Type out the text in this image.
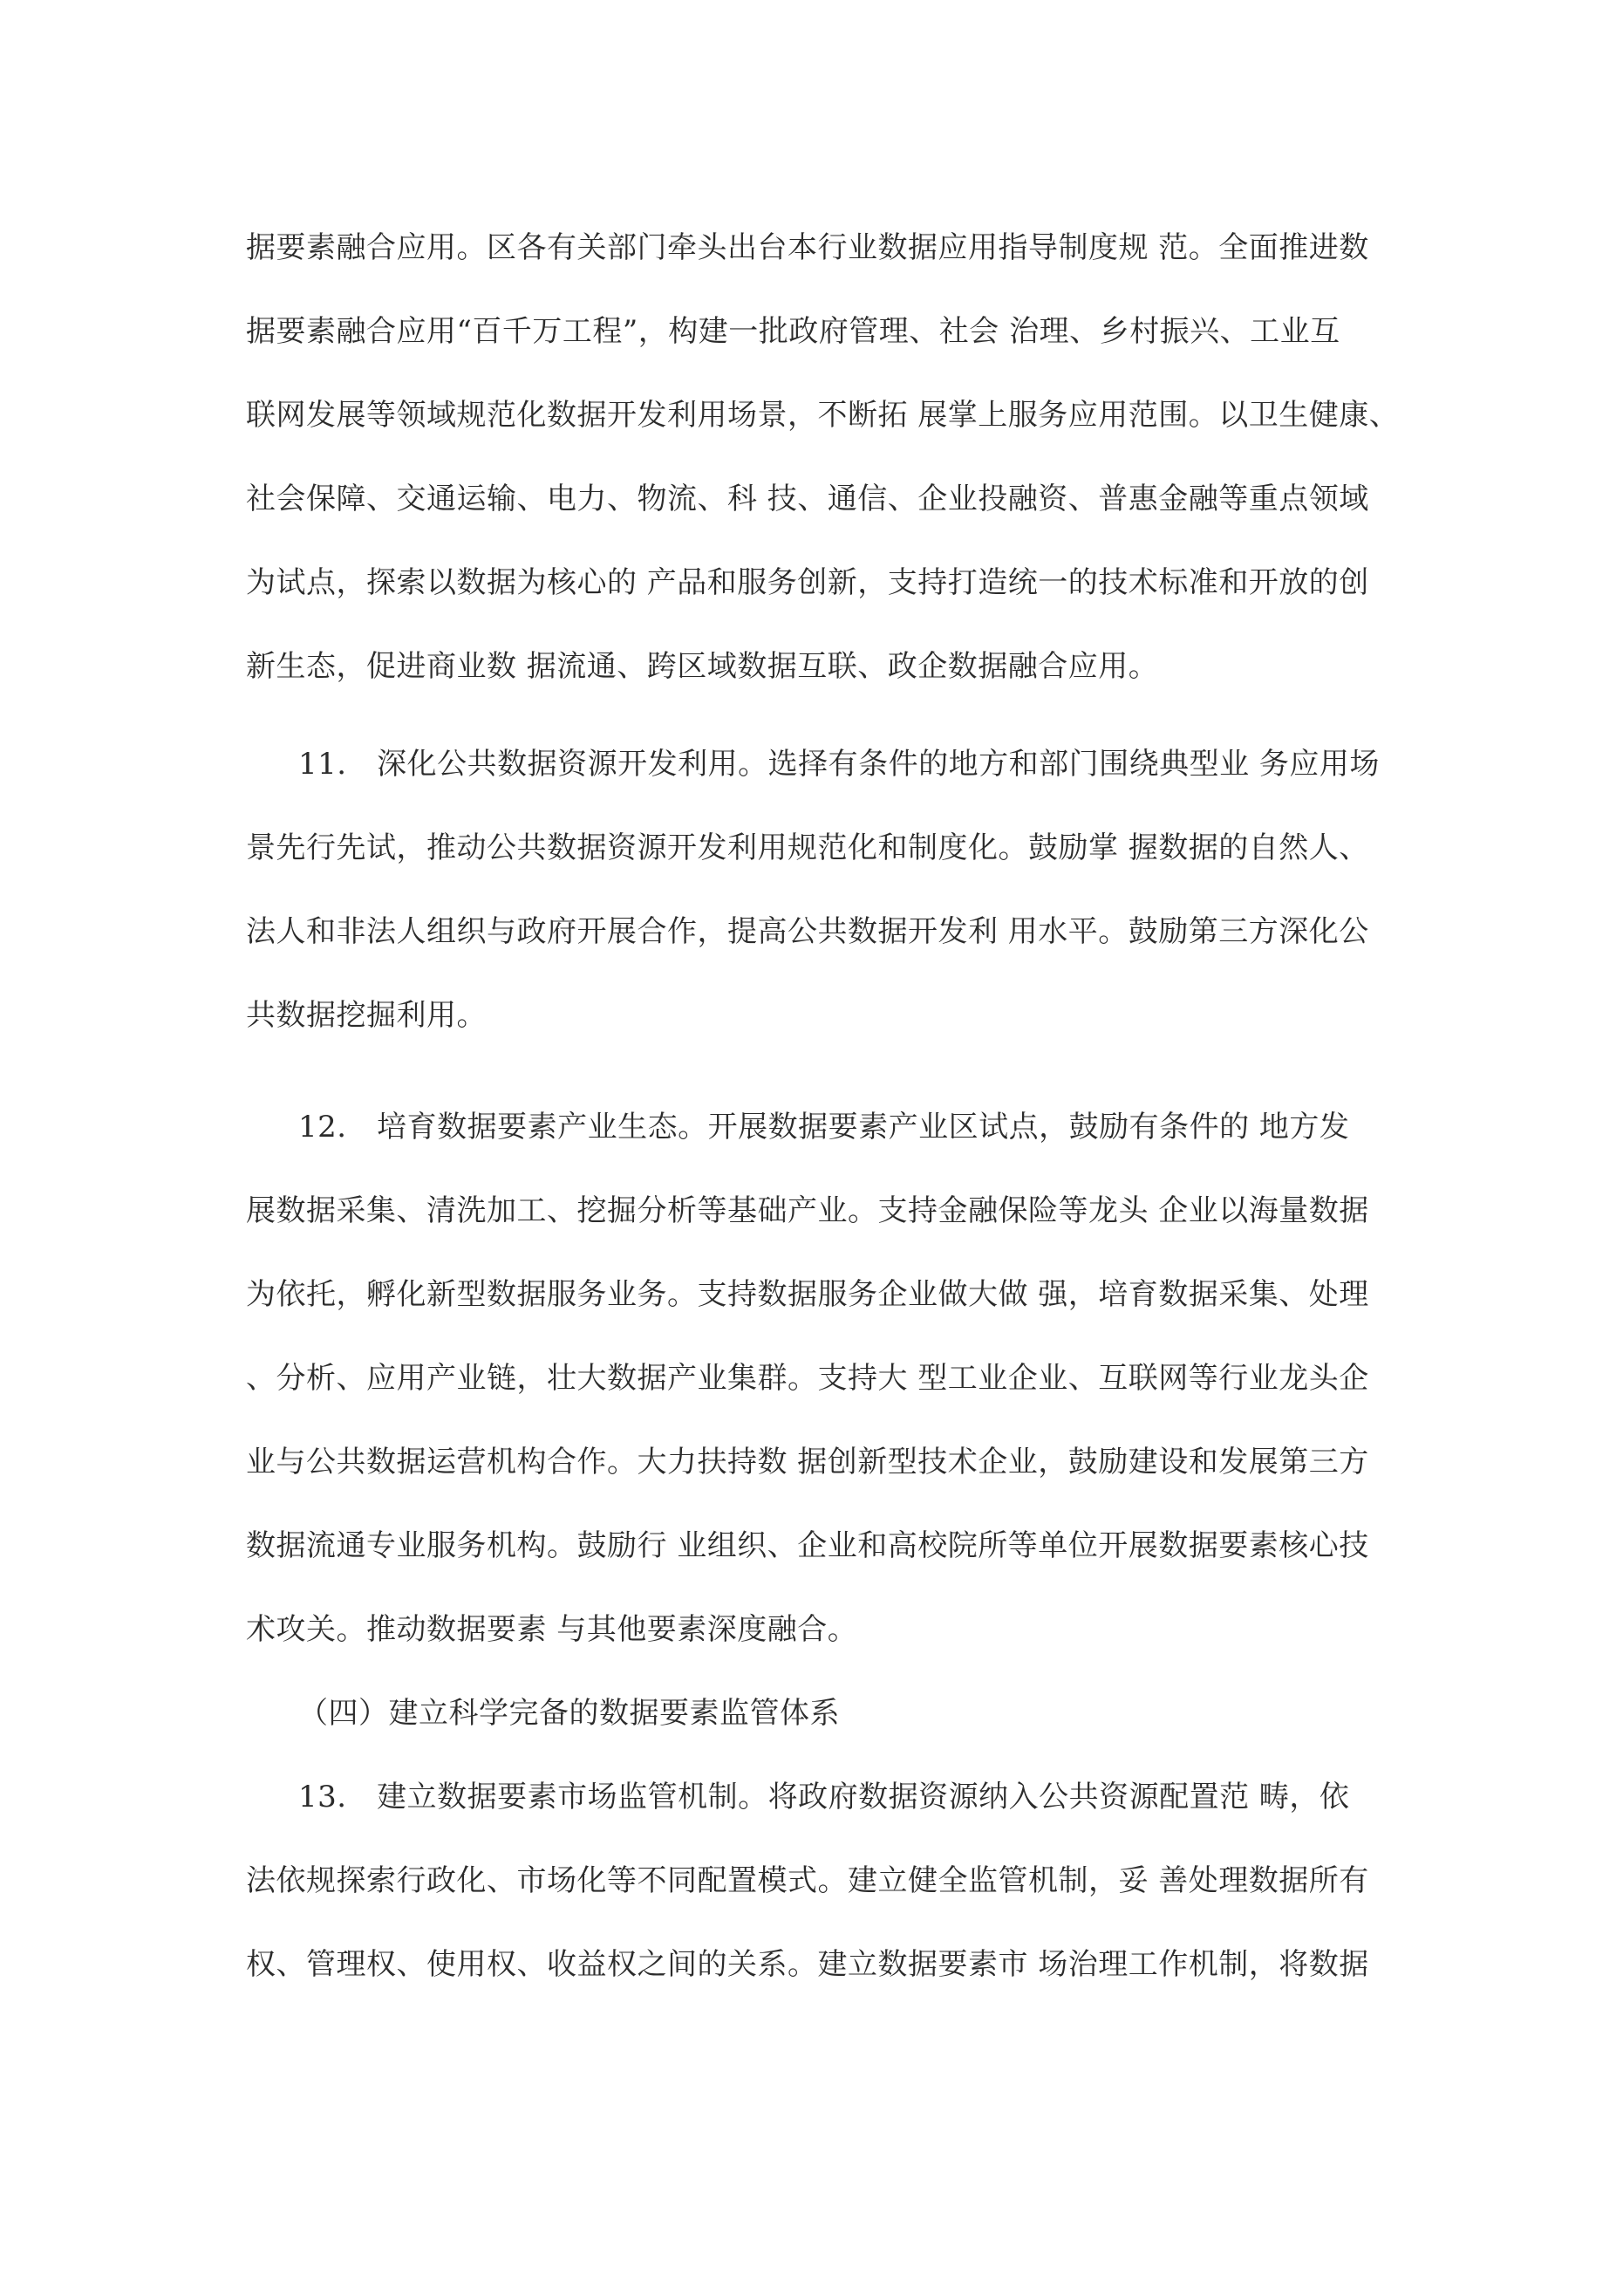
据要素融合应用。区各有关部门牵头出台本行业数据应用指导制度规 范。全面推进数
据要素融合应用“百千万工程”，构建一批政府管理、社会 治理、乡村振兴、工业互
联网发展等领域规范化数据开发利用场景，不断拓 展掌上服务应用范围。以卫生健康、
社会保障、交通运输、电力、物流、科 技、通信、企业投融资、普惠金融等重点领域
为试点，探索以数据为核心的 产品和服务创新，支持打造统一的技术标准和开放的创
新生态，促进商业数 据流通、跨区域数据互联、政企数据融合应用。
11.　深化公共数据资源开发利用。选择有条件的地方和部门围绕典型业 务应用场
景先行先试，推动公共数据资源开发利用规范化和制度化。鼓励掌 握数据的自然人、
法人和非法人组织与政府开展合作，提高公共数据开发利 用水平。鼓励第三方深化公
共数据挖掘利用。
12.　培育数据要素产业生态。开展数据要素产业区试点，鼓励有条件的 地方发
展数据采集、清洗加工、挖掘分析等基础产业。支持金融保险等龙头 企业以海量数据
为依托，孵化新型数据服务业务。支持数据服务企业做大做 强，培育数据采集、处理
、分析、应用产业链，壮大数据产业集群。支持大 型工业企业、互联网等行业龙头企
业与公共数据运营机构合作。大力扶持数 据创新型技术企业，鼓励建设和发展第三方
数据流通专业服务机构。鼓励行 业组织、企业和高校院所等单位开展数据要素核心技
术攻关。推动数据要素 与其他要素深度融合。
（四）建立科学完备的数据要素监管体系
13.　建立数据要素市场监管机制。将政府数据资源纳入公共资源配置范 畴，依
法依规探索行政化、市场化等不同配置模式。建立健全监管机制，妥 善处理数据所有
权、管理权、使用权、收益权之间的关系。建立数据要素市 场治理工作机制，将数据
